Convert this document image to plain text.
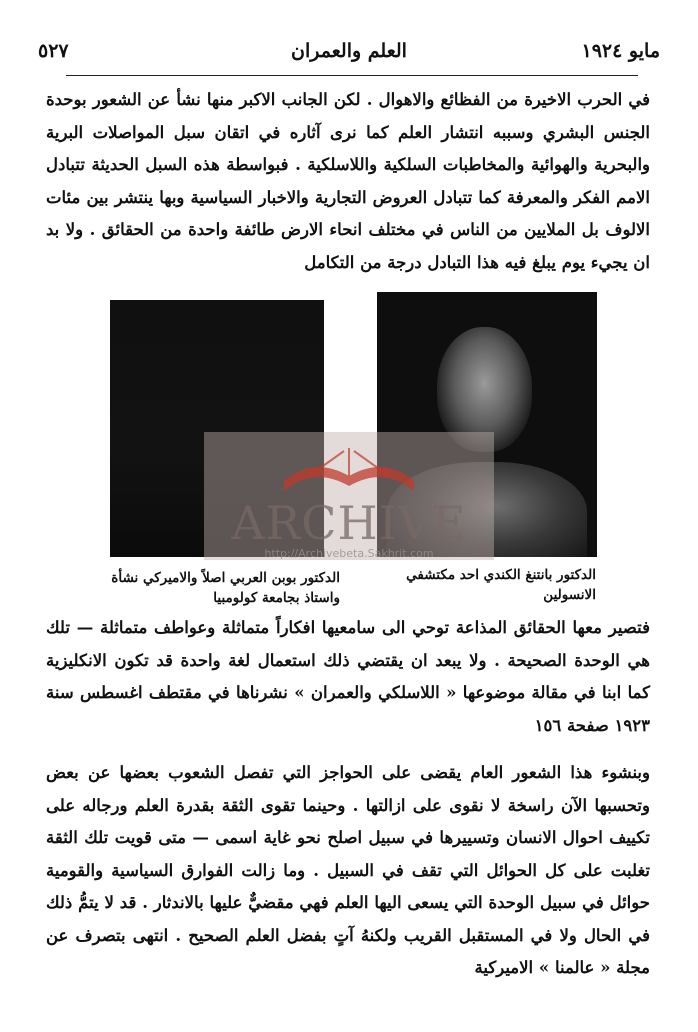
٥٢٧	العلم والعمران	مايو ١٩٢٤

في الحرب الاخيرة من الفظائع والاهوال . لكن الجانب الاكبر منها نشأ عن الشعور بوحدة الجنس البشري وسببه انتشار العلم كما نرى آثاره في اتقان سبل المواصلات البرية والبحرية والهوائية والمخاطبات السلكية واللاسلكية . فبواسطة هذه السبل الحديثة تتبادل الامم الفكر والمعرفة كما تتبادل العروض التجارية والاخبار السياسية وبها ينتشر بين مئات الالوف بل الملايين من الناس في مختلف انحاء الارض طائفة واحدة من الحقائق . ولا بد ان يجيء يوم يبلغ فيه هذا التبادل درجة من التكامل

الدكتور بوبن العربي اصلاً والاميركي نشأة واستاذ بجامعة كولومبيا
الدكتور بانتنغ الكندي احد مكتشفي الانسولين
ARCHIVE
http://Archivebeta.Sakhrit.com

فتصير معها الحقائق المذاعة توحي الى سامعيها افكاراً متماثلة وعواطف متماثلة — تلك هي الوحدة الصحيحة . ولا يبعد ان يقتضي ذلك استعمال لغة واحدة قد تكون الانكليزية كما ابنا في مقالة موضوعها « اللاسلكي والعمران » نشرناها في مقتطف اغسطس سنة ١٩٢٣ صفحة ١٥٦

وبنشوء هذا الشعور العام يقضى على الحواجز التي تفصل الشعوب بعضها عن بعض وتحسبها الآن راسخة لا نقوى على ازالتها . وحينما تقوى الثقة بقدرة العلم ورجاله على تكييف احوال الانسان وتسييرها في سبيل اصلح نحو غاية اسمى — متى قويت تلك الثقة تغلبت على كل الحوائل التي تقف في السبيل . وما زالت الفوارق السياسية والقومية حوائل في سبيل الوحدة التي يسعى اليها العلم فهي مقضيٌّ عليها بالاندثار . قد لا يتمُّ ذلك في الحال ولا في المستقبل القريب ولكنهُ آتٍ بفضل العلم الصحيح . انتهى بتصرف عن مجلة « عالمنا » الاميركية
